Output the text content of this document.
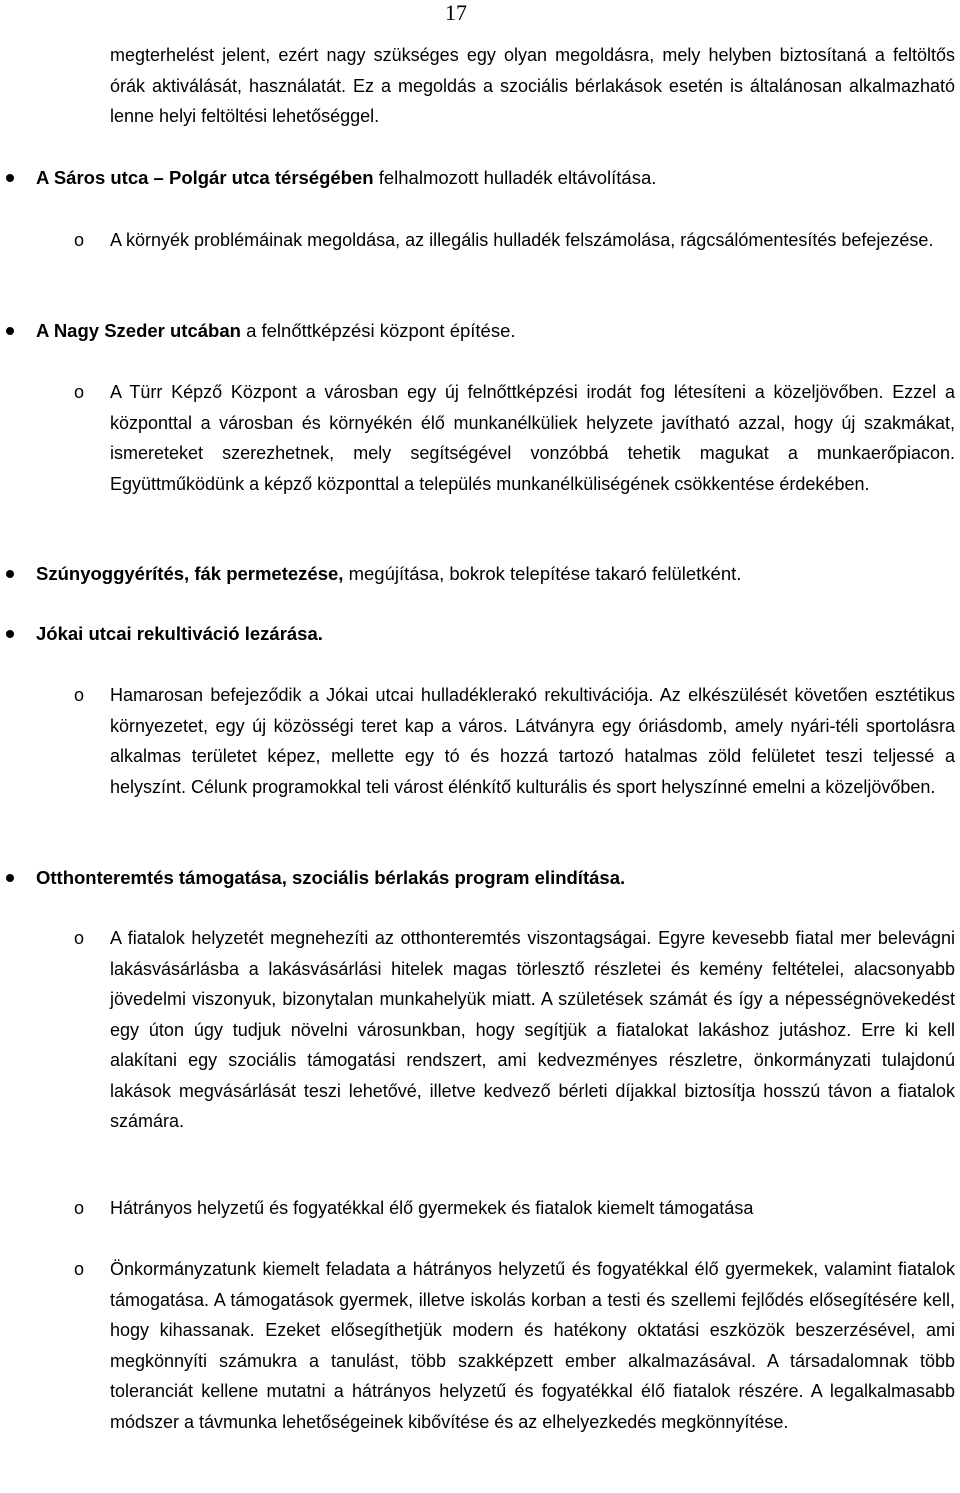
17
megterhelést jelent, ezért nagy szükséges egy olyan megoldásra, mely helyben biztosítaná a feltöltős órák aktiválását, használatát. Ez a megoldás a szociális bérlakások esetén is általánosan alkalmazható lenne helyi feltöltési lehetőséggel.
A Sáros utca – Polgár utca térségében felhalmozott hulladék eltávolítása.
o A környék problémáinak megoldása, az illegális hulladék felszámolása, rágcsálómentesítés befejezése.
A Nagy Szeder utcában a felnőttképzési központ építése.
o A Türr Képző Központ a városban egy új felnőttképzési irodát fog létesíteni a közeljövőben. Ezzel a központtal a városban és környékén élő munkanélküliek helyzete javítható azzal, hogy új szakmákat, ismereteket szerezhetnek, mely segítségével vonzóbbá tehetik magukat a munkaerőpiacon. Együttműködünk a képző központtal a település munkanélküliségének csökkentése érdekében.
Szúnyoggyérítés, fák permetezése, megújítása, bokrok telepítése takaró felületként.
Jókai utcai rekultiváció lezárása.
o Hamarosan befejeződik a Jókai utcai hulladéklerakó rekultivációja. Az elkészülését követően esztétikus környezetet, egy új közösségi teret kap a város. Látványra egy óriásdomb, amely nyári-téli sportolásra alkalmas területet képez, mellette egy tó és hozzá tartozó hatalmas zöld felületet teszi teljessé a helyszínt. Célunk programokkal teli várost élénkítő kulturális és sport helyszínné emelni a közeljövőben.
Otthonteremtés támogatása, szociális bérlakás program elindítása.
o A fiatalok helyzetét megnehezíti az otthonteremtés viszontagságai. Egyre kevesebb fiatal mer belevágni lakásvásárlásba a lakásvásárlási hitelek magas törlesztő részletei és kemény feltételei, alacsonyabb jövedelmi viszonyuk, bizonytalan munkahelyük miatt. A születések számát és így a népességnövekedést egy úton úgy tudjuk növelni városunkban, hogy segítjük a fiatalokat lakáshoz jutáshoz. Erre ki kell alakítani egy szociális támogatási rendszert, ami kedvezményes részletre, önkormányzati tulajdonú lakások megvásárlását teszi lehetővé, illetve kedvező bérleti díjakkal biztosítja hosszú távon a fiatalok számára.
o Hátrányos helyzetű és fogyatékkal élő gyermekek és fiatalok kiemelt támogatása
o Önkormányzatunk kiemelt feladata a hátrányos helyzetű és fogyatékkal élő gyermekek, valamint fiatalok támogatása. A támogatások gyermek, illetve iskolás korban a testi és szellemi fejlődés elősegítésére kell, hogy kihassanak. Ezeket elősegíthetjük modern és hatékony oktatási eszközök beszerzésével, ami megkönnyíti számukra a tanulást, több szakképzett ember alkalmazásával. A társadalomnak több toleranciát kellene mutatni a hátrányos helyzetű és fogyatékkal élő fiatalok részére. A legalkalmasabb módszer a távmunka lehetőségeinek kibővítése és az elhelyezkedés megkönnyítése.
